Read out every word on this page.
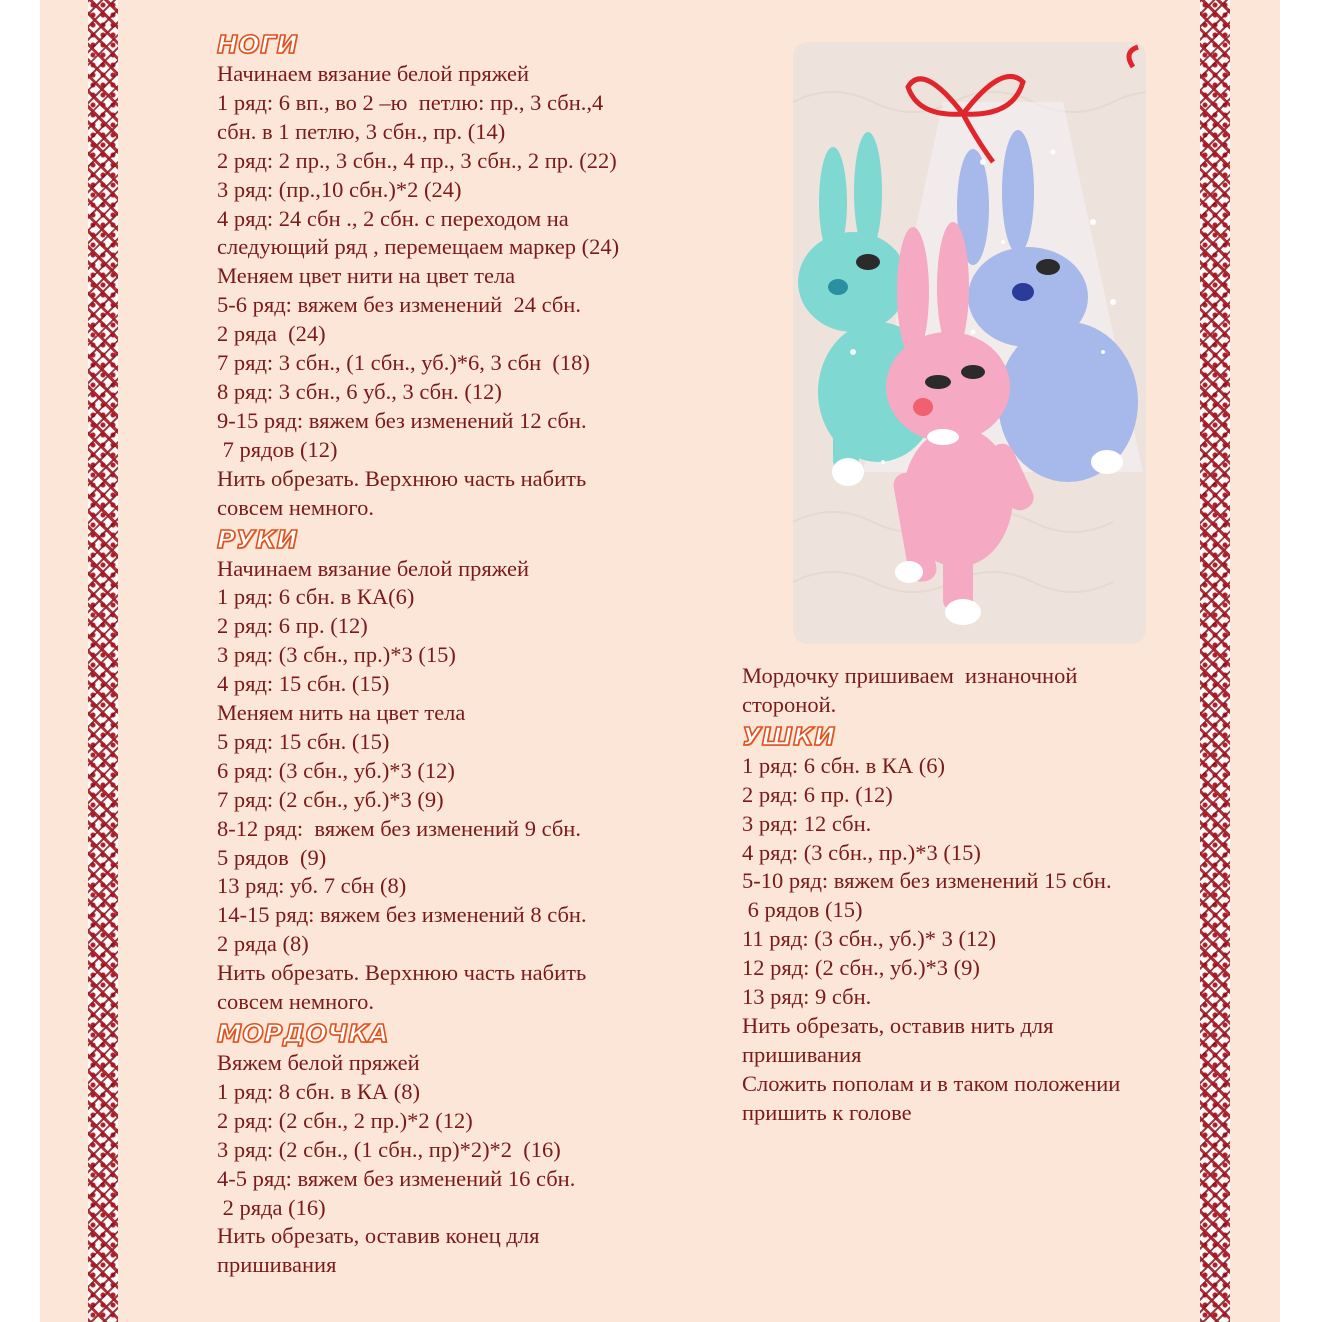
НОГИ
Начинаем вязание белой пряжей
1 ряд: 6 вп., во 2 –ю  петлю: пр., 3 сбн.,4
сбн. в 1 петлю, 3 сбн., пр. (14)
2 ряд: 2 пр., 3 сбн., 4 пр., 3 сбн., 2 пр. (22)
3 ряд: (пр.,10 сбн.)*2 (24)
4 ряд: 24 сбн ., 2 сбн. с переходом на
следующий ряд , перемещаем маркер (24)
Меняем цвет нити на цвет тела
5-6 ряд: вяжем без изменений  24 сбн.
2 ряда  (24)
7 ряд: 3 сбн., (1 сбн., уб.)*6, 3 сбн  (18)
8 ряд: 3 сбн., 6 уб., 3 сбн. (12)
9-15 ряд: вяжем без изменений 12 сбн.
7 рядов (12)
Нить обрезать. Верхнюю часть набить
совсем немного.
РУКИ
Начинаем вязание белой пряжей
1 ряд: 6 сбн. в КА(6)
2 ряд: 6 пр. (12)
3 ряд: (3 сбн., пр.)*3 (15)
4 ряд: 15 сбн. (15)
Меняем нить на цвет тела
5 ряд: 15 сбн. (15)
6 ряд: (3 сбн., уб.)*3 (12)
7 ряд: (2 сбн., уб.)*3 (9)
8-12 ряд:  вяжем без изменений 9 сбн.
5 рядов  (9)
13 ряд: уб. 7 сбн (8)
14-15 ряд: вяжем без изменений 8 сбн.
2 ряда (8)
Нить обрезать. Верхнюю часть набить
совсем немного.
МОРДОЧКА
Вяжем белой пряжей
1 ряд: 8 сбн. в КА (8)
2 ряд: (2 сбн., 2 пр.)*2 (12)
3 ряд: (2 сбн., (1 сбн., пр)*2)*2  (16)
4-5 ряд: вяжем без изменений 16 сбн.
2 ряда (16)
Нить обрезать, оставив конец для
пришивания
Мордочку пришиваем  изнаночной
стороной.
УШКИ
1 ряд: 6 сбн. в КА (6)
2 ряд: 6 пр. (12)
3 ряд: 12 сбн.
4 ряд: (3 сбн., пр.)*3 (15)
5-10 ряд: вяжем без изменений 15 сбн.
6 рядов (15)
11 ряд: (3 сбн., уб.)* 3 (12)
12 ряд: (2 сбн., уб.)*3 (9)
13 ряд: 9 сбн.
Нить обрезать, оставив нить для
пришивания
Сложить пополам и в таком положении
пришить к голове
